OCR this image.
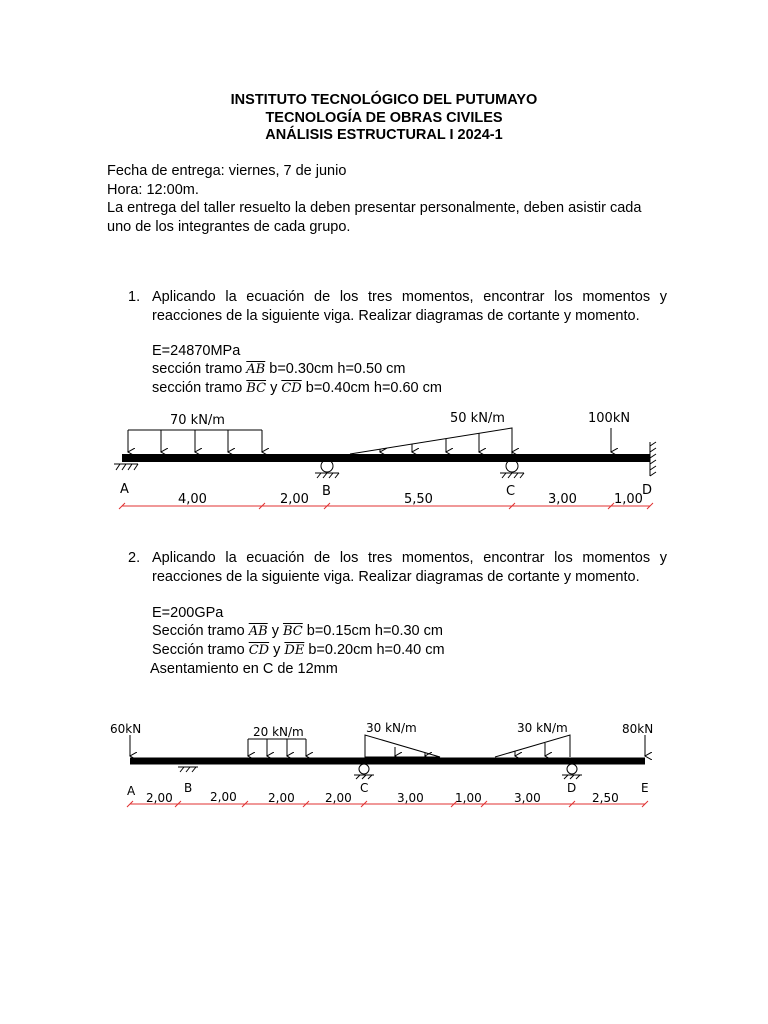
INSTITUTO TECNOLÓGICO DEL PUTUMAYO
TECNOLOGÍA DE OBRAS CIVILES
ANÁLISIS ESTRUCTURAL I 2024-1

Fecha de entrega: viernes, 7 de junio

Hora: 12:00m.

La entrega del taller resuelto la deben presentar personalmente, deben asistir cada uno de los integrantes de cada grupo.

1. Aplicando la ecuación de los tres momentos, encontrar los momentos y reacciones de la siguiente viga. Realizar diagramas de cortante y momento.
E=24870MPa
sección tramo $\overline{AB}$ b=0.30cm h=0.50 cm
sección tramo $\overline{BC}$ y $\overline{CD}$ b=0.40cm h=0.60 cm
70 kN/m	50 kN/m	100kN
A	B	C	D
4,00	2,00	5,50	3,00	1,00
2. Aplicando la ecuación de los tres momentos, encontrar los momentos y reacciones de la siguiente viga. Realizar diagramas de cortante y momento.
E=200GPa
Sección tramo $\overline{AB}$ y $\overline{BC}$ b=0.15cm h=0.30 cm
Sección tramo $\overline{CD}$ y $\overline{DE}$ b=0.20cm h=0.40 cm
Asentamiento en C de 12mm
60kN	80kN
20 kN/m	30 kN/m	30 kN/m
A	B	C	D	E
2,00	2,00	2,00	2,00	3,00	1,00	3,00	2,50
